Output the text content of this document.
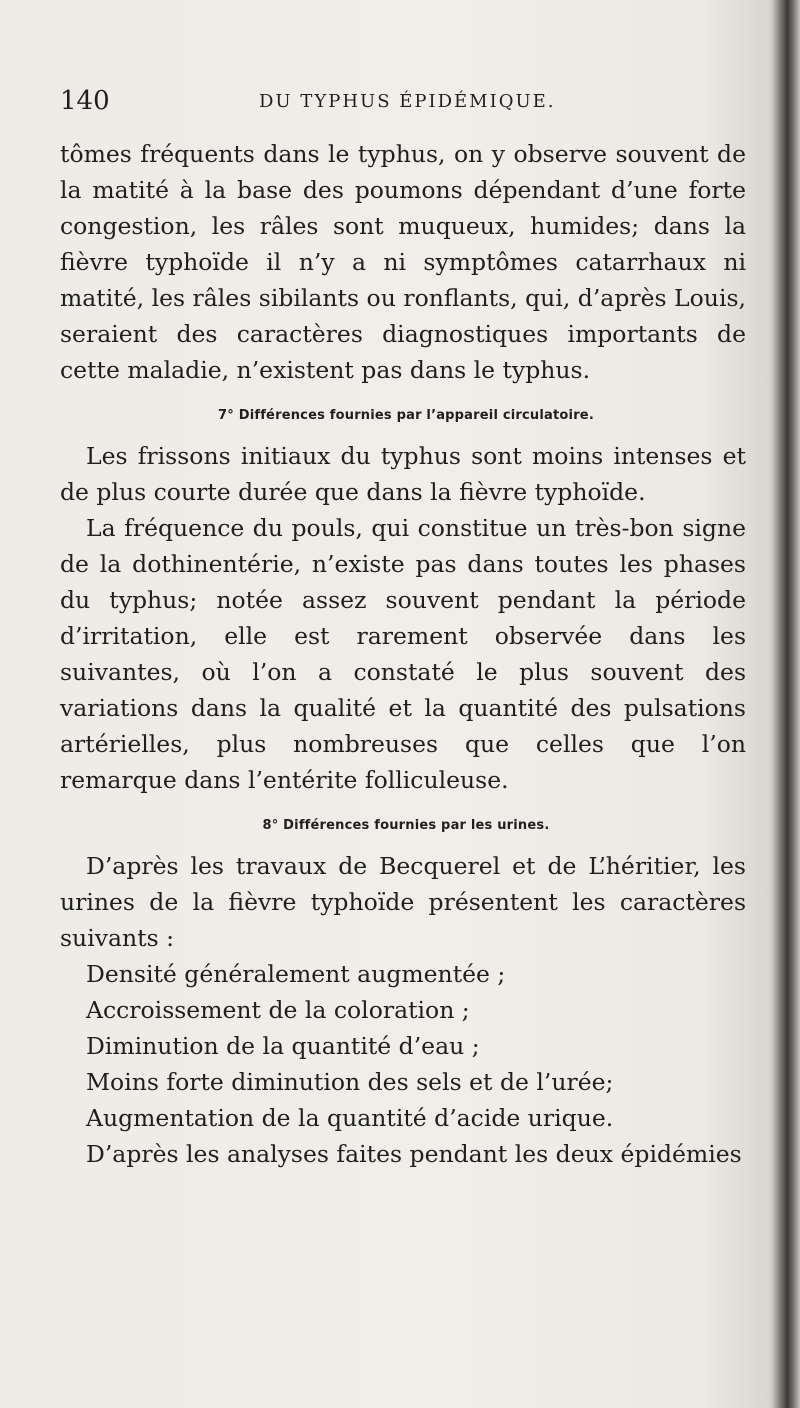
140	DU TYPHUS ÉPIDÉMIQUE.

tômes fréquents dans le typhus, on y observe souvent de la matité à la base des poumons dépendant d’une forte congestion, les râles sont muqueux, humides; dans la fièvre typhoïde il n’y a ni symptômes catarrhaux ni matité, les râles sibilants ou ronflants, qui, d’après Louis, seraient des caractères diagnostiques importants de cette maladie, n’existent pas dans le typhus.

7° Différences fournies par l’appareil circulatoire.

Les frissons initiaux du typhus sont moins intenses et de plus courte durée que dans la fièvre typhoïde.

La fréquence du pouls, qui constitue un très-bon signe de la dothinentérie, n’existe pas dans toutes les phases du typhus; notée assez souvent pendant la période d’irritation, elle est rarement observée dans les suivantes, où l’on a constaté le plus souvent des variations dans la qualité et la quantité des pulsations artérielles, plus nombreuses que celles que l’on remarque dans l’entérite folliculeuse.

8° Différences fournies par les urines.

D’après les travaux de Becquerel et de L’héritier, les urines de la fièvre typhoïde présentent les caractères suivants :

Densité généralement augmentée ;
Accroissement de la coloration ;
Diminution de la quantité d’eau ;
Moins forte diminution des sels et de l’urée;
Augmentation de la quantité d’acide urique.

D’après les analyses faites pendant les deux épidémies
